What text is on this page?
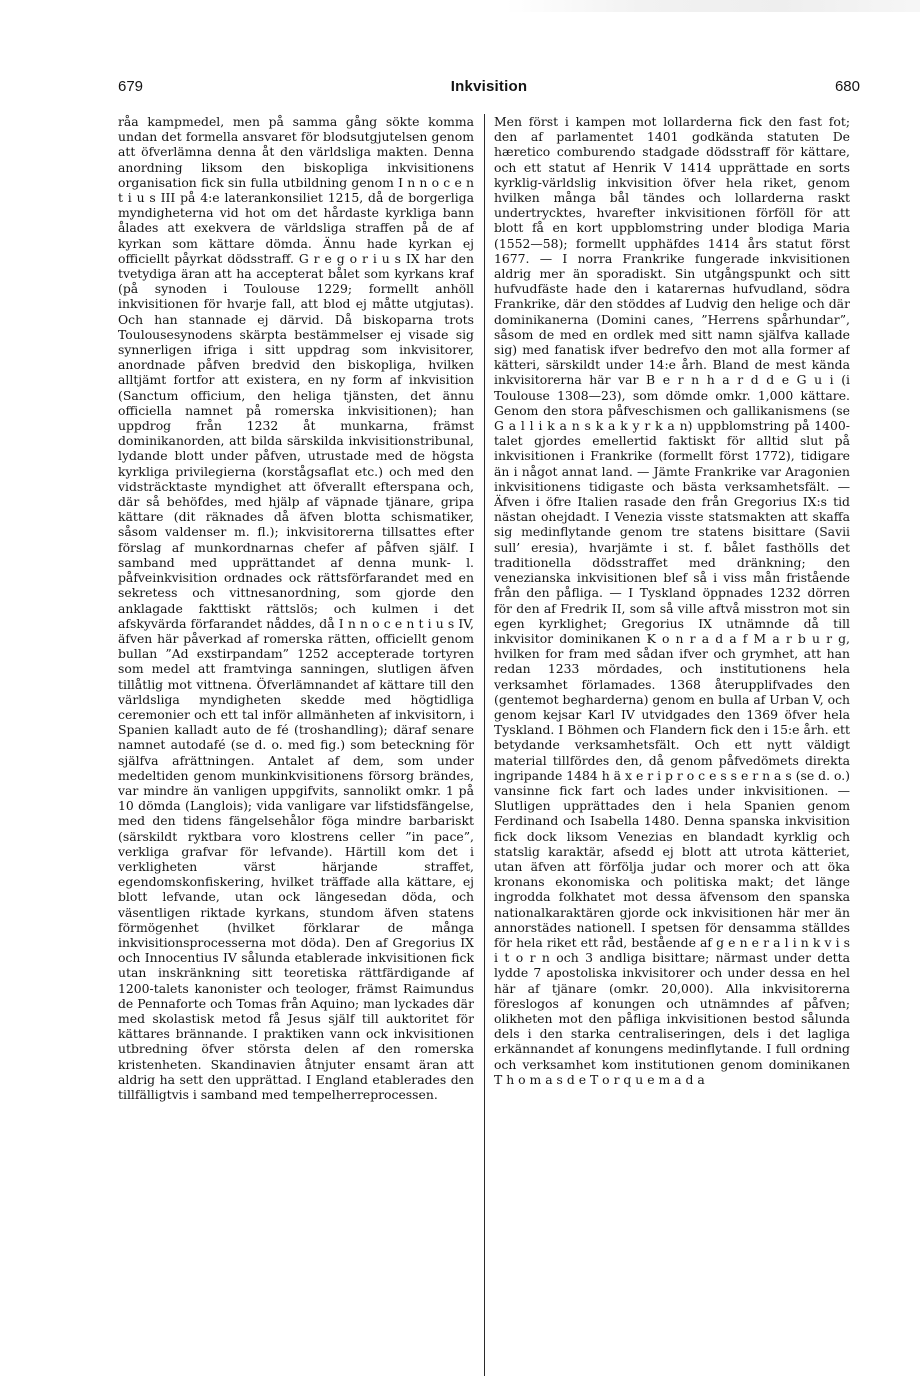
679	Inkvisition	680

råa kampmedel, men på samma gång sökte komma undan det formella ansvaret för blodsutgjutelsen genom att öfverlämna denna åt den världsliga makten. Denna anordning liksom den biskopliga inkvisitionens organisation fick sin fulla utbildning genom I n n o c e n t i u s III på 4:e laterankonsiliet 1215, då de borgerliga myndigheterna vid hot om det hårdaste kyrkliga bann ålades att exekvera de världsliga straffen på de af kyrkan som kättare dömda. Ännu hade kyrkan ej officiellt påyrkat dödsstraff. G r e g o r i u s IX har den tvetydiga äran att ha accepterat bålet som kyrkans kraf (på synoden i Toulouse 1229; formellt anhöll inkvisitionen för hvarje fall, att blod ej måtte utgjutas). Och han stannade ej därvid. Då biskoparna trots Toulousesynodens skärpta bestämmelser ej visade sig synnerligen ifriga i sitt uppdrag som inkvisitorer, anordnade påfven bredvid den biskopliga, hvilken alltjämt fortfor att existera, en ny form af inkvisition (Sanctum officium, den heliga tjänsten, det ännu officiella namnet på romerska inkvisitionen); han uppdrog från 1232 åt munkarna, främst dominikanorden, att bilda särskilda inkvisitionstribunal, lydande blott under påfven, utrustade med de högsta kyrkliga privilegierna (korstågsaflat etc.) och med den vidsträcktaste myndighet att öfverallt efterspana och, där så behöfdes, med hjälp af väpnade tjänare, gripa kättare (dit räknades då äfven blotta schismatiker, såsom valdenser m. fl.); inkvisitorerna tillsattes efter förslag af munkordnarnas chefer af påfven själf. I samband med upprättandet af denna munk- l. påfveinkvisition ordnades ock rättsförfarandet med en sekretess och vittnesanordning, som gjorde den anklagade fakttiskt rättslös; och kulmen i det afskyvärda förfarandet nåddes, då I n n o c e n t i u s IV, äfven här påverkad af romerska rätten, officiellt genom bullan ”Ad exstirpandam” 1252 accepterade tortyren som medel att framtvinga sanningen, slutligen äfven tillåtlig mot vittnena. Öfverlämnandet af kättare till den världsliga myndigheten skedde med högtidliga ceremonier och ett tal inför allmänheten af inkvisitorn, i Spanien kalladt auto de fé (troshandling); däraf senare namnet autodafé (se d. o. med fig.) som beteckning för själfva afrättningen. Antalet af dem, som under medeltiden genom munkinkvisitionens försorg brändes, var mindre än vanligen uppgifvits, sannolikt omkr. 1 på 10 dömda (Langlois); vida vanligare var lifstidsfängelse, med den tidens fängelsehålor föga mindre barbariskt (särskildt ryktbara voro klostrens celler ”in pace”, verkliga grafvar för lefvande). Härtill kom det i verkligheten värst härjande straffet, egendomskonfiskering, hvilket träffade alla kättare, ej blott lefvande, utan ock längesedan döda, och väsentligen riktade kyrkans, stundom äfven statens förmögenhet (hvilket förklarar de många inkvisitionsprocesserna mot döda). Den af Gregorius IX och Innocentius IV sålunda etablerade inkvisitionen fick utan inskränkning sitt teoretiska rättfärdigande af 1200-talets kanonister och teologer, främst Raimundus de Pennaforte och Tomas från Aquino; man lyckades där med skolastisk metod få Jesus själf till auktoritet för kättares brännande. I praktiken vann ock inkvisitionen utbredning öfver största delen af den romerska kristenheten. Skandinavien åtnjuter ensamt äran att aldrig ha sett den upprättad. I England etablerades den tillfälligtvis i samband med tempelherreprocessen.

Men först i kampen mot lollarderna fick den fast fot; den af parlamentet 1401 godkända statuten De hæretico comburendo stadgade dödsstraff för kättare, och ett statut af Henrik V 1414 upprättade en sorts kyrklig-världslig inkvisition öfver hela riket, genom hvilken många bål tändes och lollarderna raskt undertrycktes, hvarefter inkvisitionen förföll för att blott få en kort uppblomstring under blodiga Maria (1552—58); formellt upphäfdes 1414 års statut först 1677. — I norra Frankrike fungerade inkvisitionen aldrig mer än sporadiskt. Sin utgångspunkt och sitt hufvudfäste hade den i katarernas hufvudland, södra Frankrike, där den stöddes af Ludvig den helige och där dominikanerna (Domini canes, ”Herrens spårhundar”, såsom de med en ordlek med sitt namn själfva kallade sig) med fanatisk ifver bedrefvo den mot alla former af kätteri, särskildt under 14:e årh. Bland de mest kända inkvisitorerna här var B e r n h a r d d e G u i (i Toulouse 1308—23), som dömde omkr. 1,000 kättare. Genom den stora påfveschismen och gallikanismens (se G a l l i k a n s k a k y r k a n) uppblomstring på 1400-talet gjordes emellertid faktiskt för alltid slut på inkvisitionen i Frankrike (formellt först 1772), tidigare än i något annat land. — Jämte Frankrike var Aragonien inkvisitionens tidigaste och bästa verksamhetsfält. — Äfven i öfre Italien rasade den från Gregorius IX:s tid nästan ohejdadt. I Venezia visste statsmakten att skaffa sig medinflytande genom tre statens bisittare (Savii sull’ eresia), hvarjämte i st. f. bålet fasthölls det traditionella dödsstraffet med dränkning; den venezianska inkvisitionen blef så i viss mån fristående från den påfliga. — I Tyskland öppnades 1232 dörren för den af Fredrik II, som så ville aftvå misstron mot sin egen kyrklighet; Gregorius IX utnämnde då till inkvisitor dominikanen K o n r a d a f M a r b u r g, hvilken for fram med sådan ifver och grymhet, att han redan 1233 mördades, och institutionens hela verksamhet förlamades. 1368 återupplifvades den (gentemot begharderna) genom en bulla af Urban V, och genom kejsar Karl IV utvidgades den 1369 öfver hela Tyskland. I Böhmen och Flandern fick den i 15:e årh. ett betydande verksamhetsfält. Och ett nytt väldigt material tillfördes den, då genom påfvedömets direkta ingripande 1484 h ä x e r i p r o c e s s e r n a s (se d. o.) vansinne fick fart och lades under inkvisitionen. — Slutligen upprättades den i hela Spanien genom Ferdinand och Isabella 1480. Denna spanska inkvisition fick dock liksom Venezias en blandadt kyrklig och statslig karaktär, afsedd ej blott att utrota kätteriet, utan äfven att förfölja judar och morer och att öka kronans ekonomiska och politiska makt; det länge ingrodda folkhatet mot dessa äfvensom den spanska nationalkaraktären gjorde ock inkvisitionen här mer än annorstädes nationell. I spetsen för densamma ställdes för hela riket ett råd, bestående af g e n e r a l i n k v i s i t o r n och 3 andliga bisittare; närmast under detta lydde 7 apostoliska inkvisitorer och under dessa en hel här af tjänare (omkr. 20,000). Alla inkvisitorerna föreslogos af konungen och utnämndes af påfven; olikheten mot den påfliga inkvisitionen bestod sålunda dels i den starka centraliseringen, dels i det lagliga erkännandet af konungens medinflytande. I full ordning och verksamhet kom institutionen genom dominikanen T h o m a s d e T o r q u e m a d a
